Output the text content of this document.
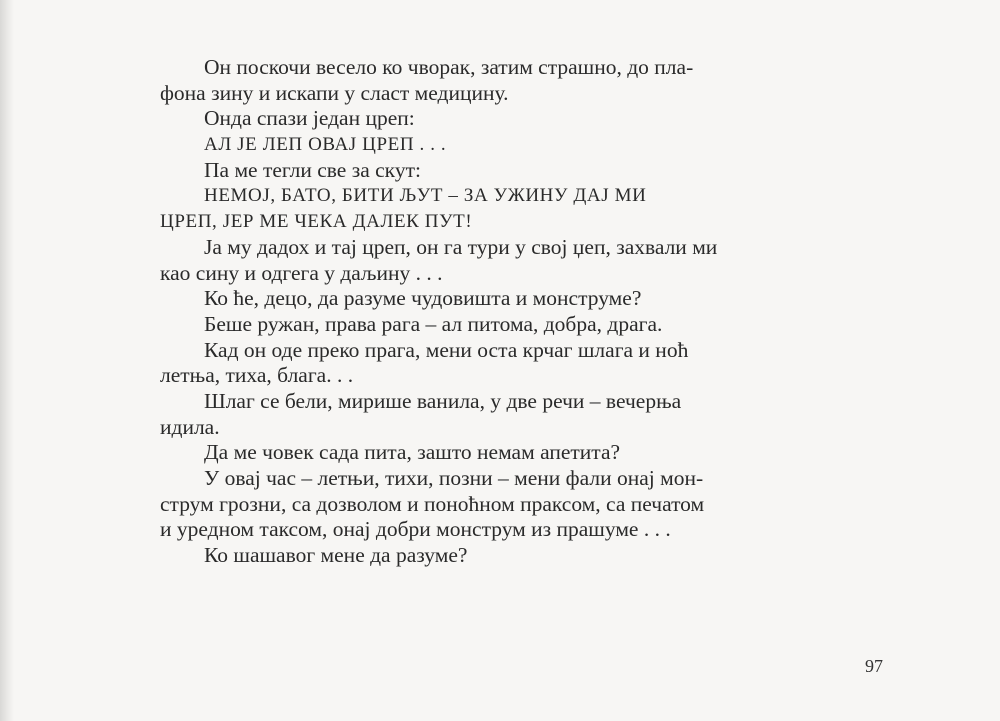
Он поскочи весело ко чворак, затим страшно, до пла-
фона зину и искапи у сласт медицину.
Онда спази један цреп:
АЛ ЈЕ ЛЕП ОВАЈ ЦРЕП . . .
Па ме тегли све за скут:
НЕМОЈ, БАТО, БИТИ ЉУТ – ЗА УЖИНУ ДАЈ МИ
ЦРЕП, ЈЕР МЕ ЧЕКА ДАЛЕК ПУТ!
Ја му дадох и тај цреп, он га тури у свој џеп, захвали ми
као сину и одгега у даљину . . .
Ко ће, децо, да разуме чудовишта и монструме?
Беше ружан, права рага – ал питома, добра, драга.
Кад он оде преко прага, мени оста крчаг шлага и ноћ
летња, тиха, блага. . .
Шлаг се бели, мирише ванила, у две речи – вечерња
идила.
Да ме човек сада пита, зашто немам апетита?
У овај час – летњи, тихи, позни – мени фали онај мон-
струм грозни, са дозволом и поноћном праксом, са печатом
и уредном таксом, онај добри монструм из прашуме . . .
Ко шашавог мене да разуме?
97
